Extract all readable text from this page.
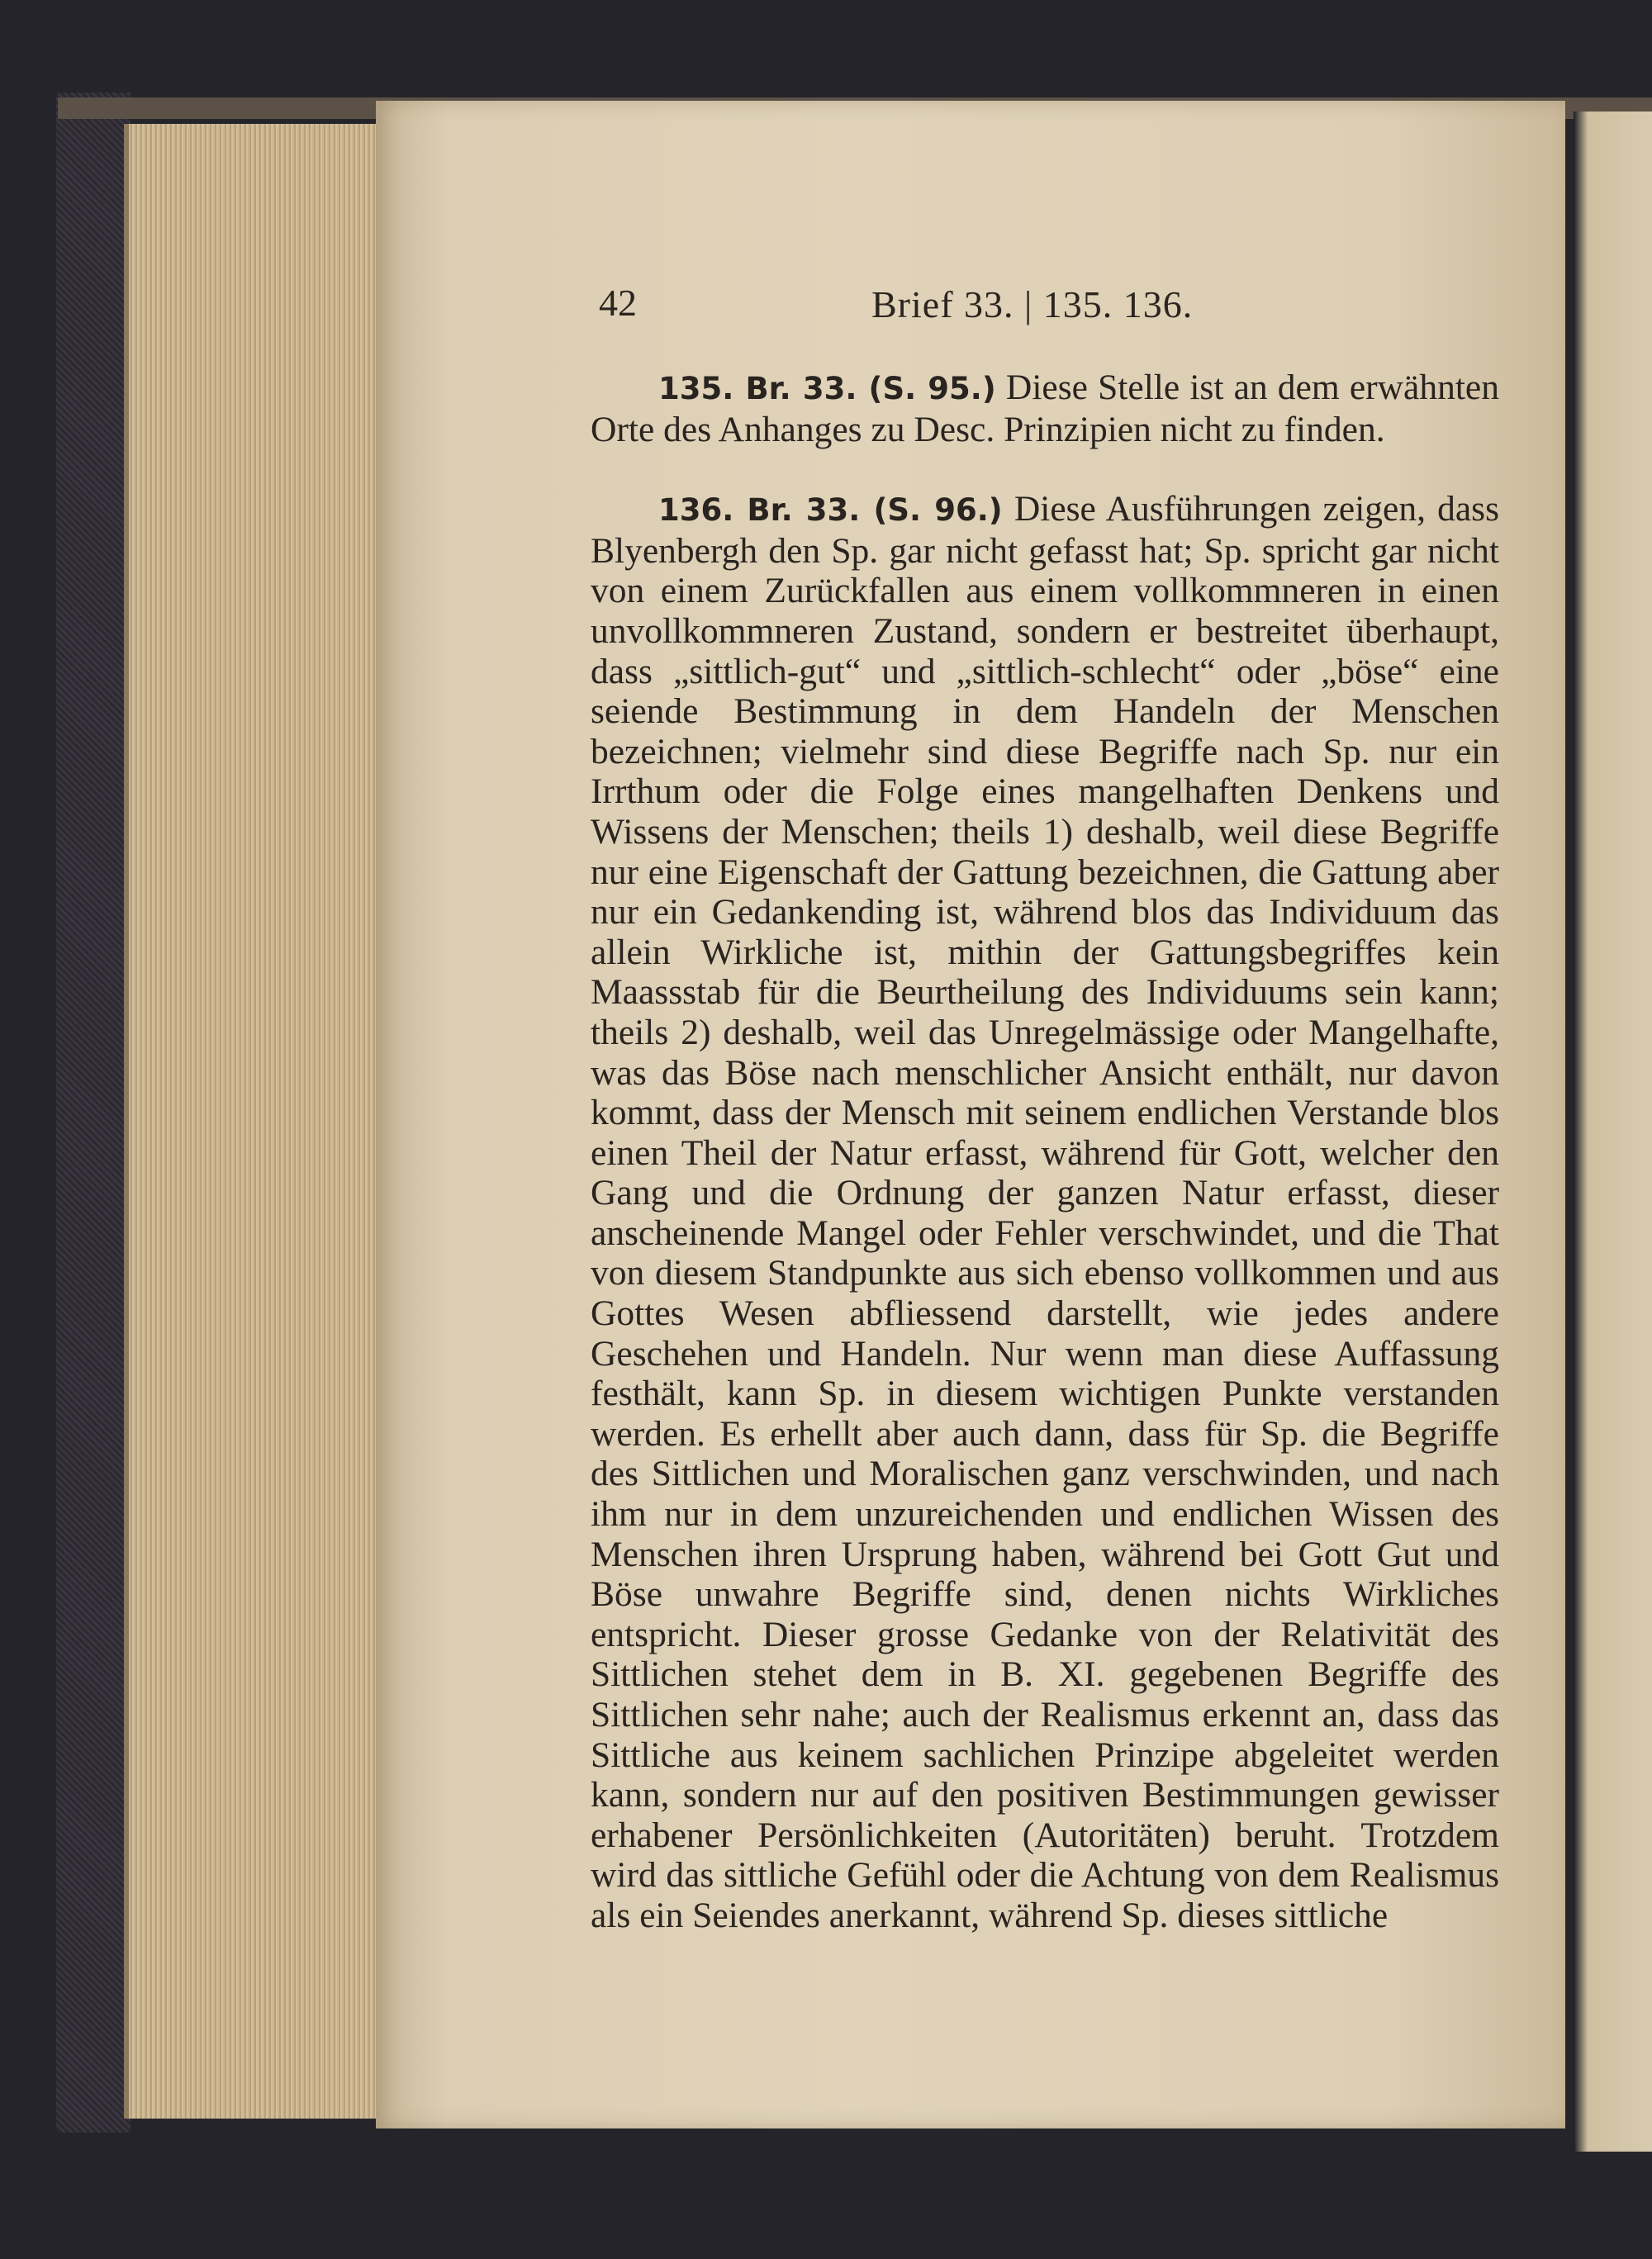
42	Brief 33. | 135. 136.

135. Br. 33. (S. 95.) Diese Stelle ist an dem erwähnten Orte des Anhanges zu Desc. Prinzipien nicht zu finden.

136. Br. 33. (S. 96.) Diese Ausführungen zeigen, dass Blyenbergh den Sp. gar nicht gefasst hat; Sp. spricht gar nicht von einem Zurückfallen aus einem vollkommneren in einen unvollkommneren Zustand, sondern er bestreitet überhaupt, dass „sittlich-gut“ und „sittlich-schlecht“ oder „böse“ eine seiende Bestimmung in dem Handeln der Menschen bezeichnen; vielmehr sind diese Begriffe nach Sp. nur ein Irrthum oder die Folge eines mangelhaften Denkens und Wissens der Menschen; theils 1) deshalb, weil diese Begriffe nur eine Eigenschaft der Gattung bezeichnen, die Gattung aber nur ein Gedankending ist, während blos das Individuum das allein Wirkliche ist, mithin der Gattungsbegriffes kein Maassstab für die Beurtheilung des Individuums sein kann; theils 2) deshalb, weil das Unregelmässige oder Mangelhafte, was das Böse nach menschlicher Ansicht enthält, nur davon kommt, dass der Mensch mit seinem endlichen Verstande blos einen Theil der Natur erfasst, während für Gott, welcher den Gang und die Ordnung der ganzen Natur erfasst, dieser anscheinende Mangel oder Fehler verschwindet, und die That von diesem Standpunkte aus sich ebenso vollkommen und aus Gottes Wesen abfliessend darstellt, wie jedes andere Geschehen und Handeln. Nur wenn man diese Auffassung festhält, kann Sp. in diesem wichtigen Punkte verstanden werden. Es erhellt aber auch dann, dass für Sp. die Begriffe des Sittlichen und Moralischen ganz verschwinden, und nach ihm nur in dem unzureichenden und endlichen Wissen des Menschen ihren Ursprung haben, während bei Gott Gut und Böse unwahre Begriffe sind, denen nichts Wirkliches entspricht. Dieser grosse Gedanke von der Relativität des Sittlichen stehet dem in B. XI. gegebenen Begriffe des Sittlichen sehr nahe; auch der Realismus erkennt an, dass das Sittliche aus keinem sachlichen Prinzipe abgeleitet werden kann, sondern nur auf den positiven Bestimmungen gewisser erhabener Persönlichkeiten (Autoritäten) beruht. Trotzdem wird das sittliche Gefühl oder die Achtung von dem Realismus als ein Seiendes anerkannt, während Sp. dieses sittliche
